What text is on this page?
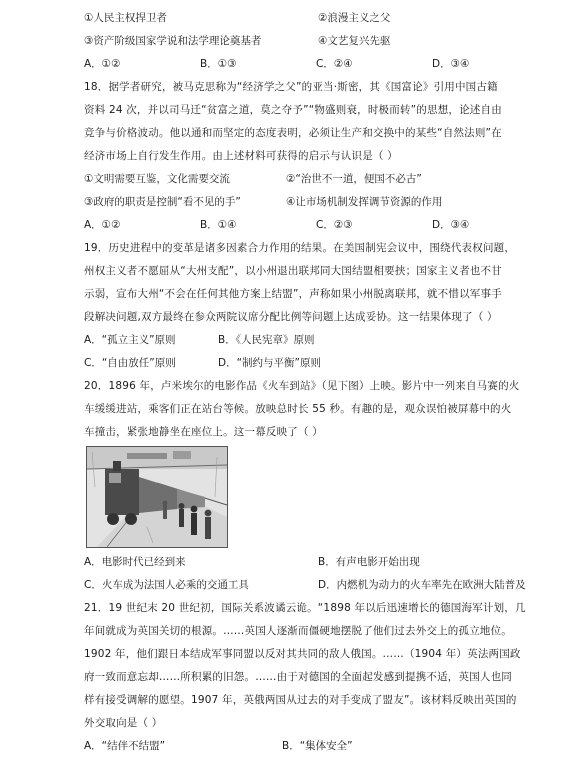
①人民主权捍卫者	②浪漫主义之父
③资产阶级国家学说和法学理论奠基者	④文艺复兴先驱
A．①②	B．①③	C．②④	D．③④
18．据学者研究，被马克思称为“经济学之父”的亚当·斯密，其《国富论》引用中国古籍
资料 24 次，并以司马迁“贫富之道，莫之夺予”“物盛则衰，时极而转”的思想，论述自由
竞争与价格波动。他以通和而坚定的态度表明，必须让生产和交换中的某些“自然法则”在
经济市场上自行发生作用。由上述材料可获得的启示与认识是（ ）
①文明需要互鉴，文化需要交流	②“治世不一道，便国不必古”
③政府的职责是控制“看不见的手”	④让市场机制发挥调节资源的作用
A．①②	B．①④	C．②③	D．③④
19．历史进程中的变革是诸多因素合力作用的结果。在美国制宪会议中，围绕代表权问题，
州权主义者不愿屈从“大州支配”，以小州退出联邦同大国结盟相要挟；国家主义者也不甘
示弱，宣布大州“不会在任何其他方案上结盟”，声称如果小州脱离联邦，就不惜以军事手
段解决问题,双方最终在参众两院议席分配比例等问题上达成妥协。这一结果体现了（ ）
A．“孤立主义”原则	B．《人民宪章》原则
C．“自由放任”原则	D．“制约与平衡”原则
20．1896 年，卢米埃尔的电影作品《火车到站》（见下图）上映。影片中一列来自马赛的火
车缓缓进站，乘客们正在站台等候。放映总时长 55 秒。有趣的是，观众误怕被屏幕中的火
车撞击，紧张地静坐在座位上。这一幕反映了（ ）
A．电影时代已经到来	B．有声电影开始出现
C．火车成为法国人必乘的交通工具	D．内燃机为动力的火车率先在欧洲大陆普及
21．19 世纪末 20 世纪初，国际关系波谲云诡。“1898 年以后迅速增长的德国海军计划，几
年间就成为英国关切的根源。……英国人逐渐而僵硬地摆脱了他们过去外交上的孤立地位。
1902 年，他们跟日本结成军事同盟以反对其共同的敌人俄国。……（1904 年）英法两国政
府一致而意忘却……所积累的旧怨。……由于对德国的全面起发感到提携不适，英国人也同
样有接受调解的愿望。1907 年，英俄两国从过去的对手变成了盟友”。该材料反映出英国的
外交取向是（ ）
A．“结伴不结盟”	B．“集体安全”
